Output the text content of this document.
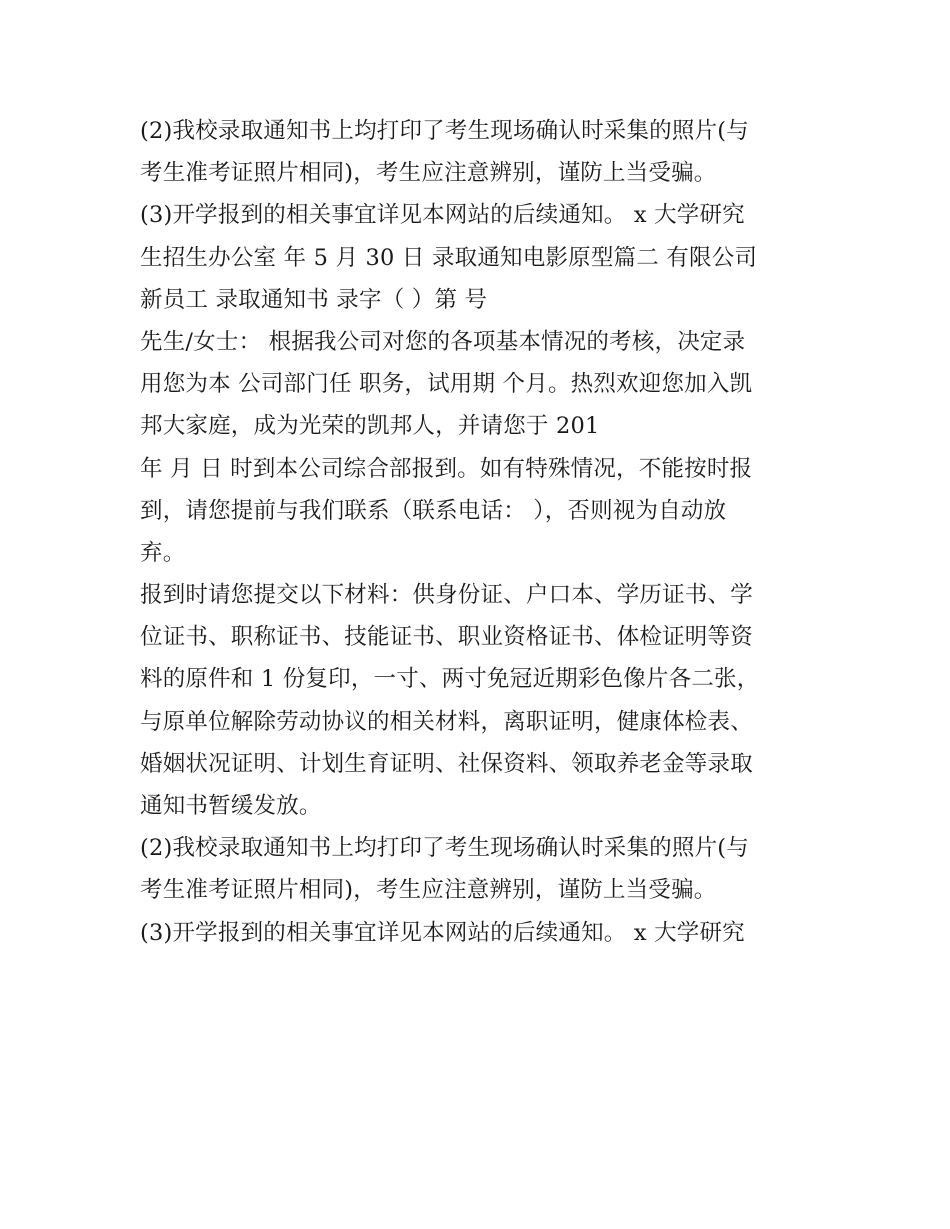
(2)我校录取通知书上均打印了考生现场确认时采集的照片(与
考生准考证照片相同)，考生应注意辨别，谨防上当受骗。
(3)开学报到的相关事宜详见本网站的后续通知。 x 大学研究
生招生办公室 年 5 月 30 日 录取通知电影原型篇二 有限公司
新员工 录取通知书 录字（ ）第 号
先生/女士： 根据我公司对您的各项基本情况的考核，决定录
用您为本 公司部门任 职务，试用期 个月。热烈欢迎您加入凯
邦大家庭，成为光荣的凯邦人，并请您于 201
年 月 日 时到本公司综合部报到。如有特殊情况，不能按时报
到，请您提前与我们联系（联系电话： ），否则视为自动放
弃。
报到时请您提交以下材料：供身份证、户口本、学历证书、学
位证书、职称证书、技能证书、职业资格证书、体检证明等资
料的原件和 1 份复印，一寸、两寸免冠近期彩色像片各二张，
与原单位解除劳动协议的相关材料，离职证明，健康体检表、
婚姻状况证明、计划生育证明、社保资料、领取养老金等录取
通知书暂缓发放。
(2)我校录取通知书上均打印了考生现场确认时采集的照片(与
考生准考证照片相同)，考生应注意辨别，谨防上当受骗。
(3)开学报到的相关事宜详见本网站的后续通知。 x 大学研究
